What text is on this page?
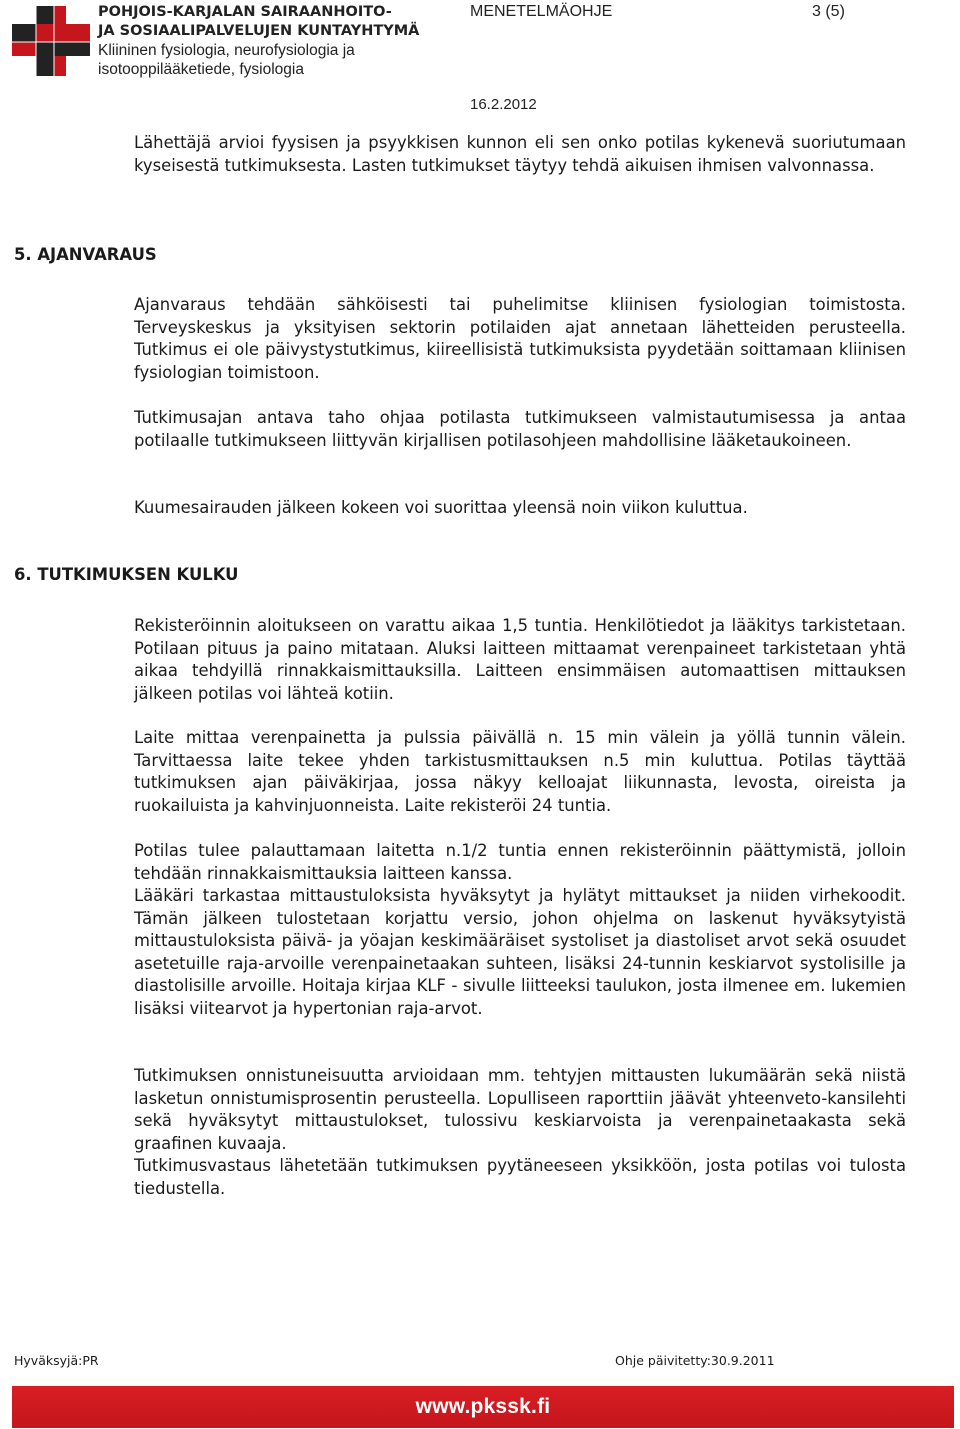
POHJOIS-KARJALAN SAIRAANHOITO-
JA SOSIAALIPALVELUJEN KUNTAYHTYMÄ
Kliininen fysiologia, neurofysiologia ja
isotooppilääketiede, fysiologia
MENETELMÄOHJE	3 (5)
16.2.2012
Lähettäjä arvioi fyysisen ja psyykkisen kunnon eli sen onko potilas kykenevä suoriutumaan kyseisestä tutkimuksesta. Lasten tutkimukset täytyy tehdä aikuisen ihmisen valvonnassa.
5. AJANVARAUS
Ajanvaraus tehdään sähköisesti tai puhelimitse kliinisen fysiologian toimistosta. Terveyskeskus ja yksityisen sektorin potilaiden ajat annetaan lähetteiden perusteella. Tutkimus ei ole päivystystutkimus, kiireellisistä tutkimuksista pyydetään soittamaan kliinisen fysiologian toimistoon.
Tutkimusajan antava taho ohjaa potilasta tutkimukseen valmistautumisessa ja antaa potilaalle tutkimukseen liittyvän kirjallisen potilasohjeen mahdollisine lääketaukoineen.
Kuumesairauden jälkeen kokeen voi suorittaa yleensä noin viikon kuluttua.
6. TUTKIMUKSEN KULKU
Rekisteröinnin aloitukseen on varattu aikaa 1,5 tuntia. Henkilötiedot ja lääkitys tarkistetaan. Potilaan pituus ja paino mitataan. Aluksi laitteen mittaamat verenpaineet tarkistetaan yhtä aikaa tehdyillä rinnakkaismittauksilla. Laitteen ensimmäisen automaattisen mittauksen jälkeen potilas voi lähteä kotiin.
Laite mittaa verenpainetta ja pulssia päivällä n. 15 min välein ja yöllä tunnin välein. Tarvittaessa laite tekee yhden tarkistusmittauksen n.5 min kuluttua. Potilas täyttää tutkimuksen ajan päiväkirjaa, jossa näkyy kelloajat liikunnasta, levosta, oireista ja ruokailuista ja kahvinjuonneista. Laite rekisteröi 24 tuntia.
Potilas tulee palauttamaan laitetta n.1/2 tuntia ennen rekisteröinnin päättymistä, jolloin tehdään rinnakkaismittauksia laitteen kanssa.
Lääkäri tarkastaa mittaustuloksista hyväksytyt ja hylätyt mittaukset ja niiden virhekoodit. Tämän jälkeen tulostetaan korjattu versio, johon ohjelma on laskenut hyväksytyistä mittaustuloksista päivä- ja yöajan keskimääräiset systoliset ja diastoliset arvot sekä osuudet asetetuille raja-arvoille verenpainetaakan suhteen, lisäksi 24-tunnin keskiarvot systolisille ja diastolisille arvoille. Hoitaja kirjaa KLF - sivulle liitteeksi taulukon, josta ilmenee em. lukemien lisäksi viitearvot ja hypertonian raja-arvot.
Tutkimuksen onnistuneisuutta arvioidaan mm. tehtyjen mittausten lukumäärän sekä niistä lasketun onnistumisprosentin perusteella. Lopulliseen raporttiin jäävät yhteenveto-kansilehti sekä hyväksytyt mittaustulokset, tulossivu keskiarvoista ja verenpainetaakasta sekä graafinen kuvaaja.
Tutkimusvastaus lähetetään tutkimuksen pyytäneeseen yksikköön, josta potilas voi tulosta tiedustella.
Hyväksyjä:PR	Ohje päivitetty:30.9.2011
www.pkssk.fi
